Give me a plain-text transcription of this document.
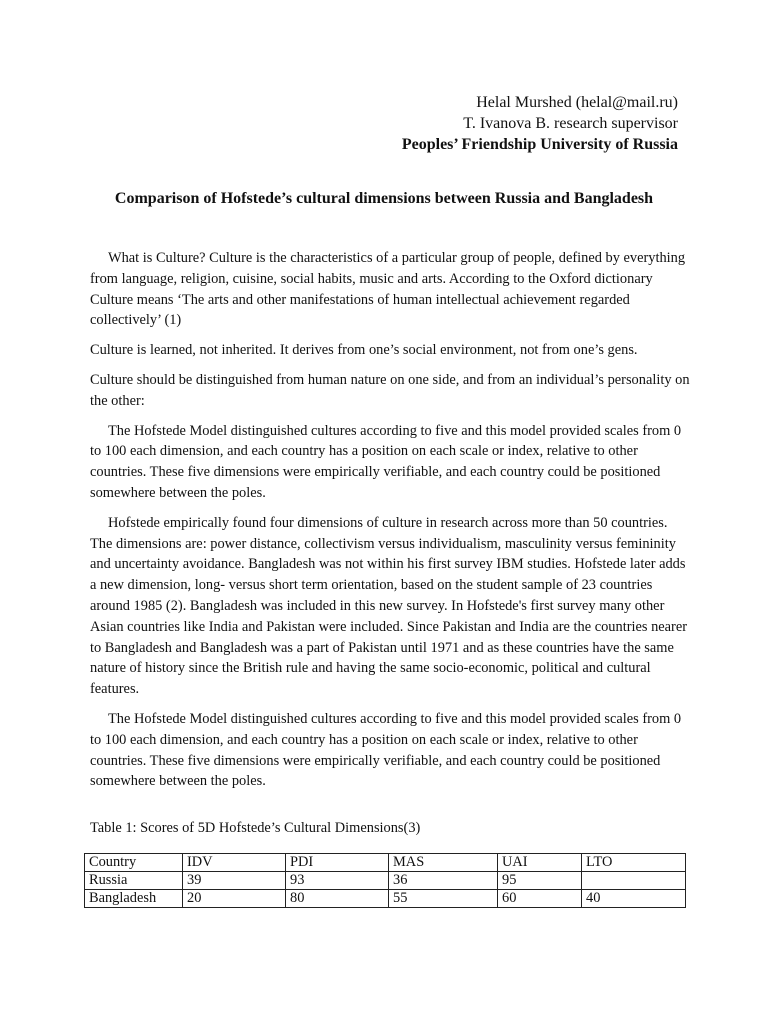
Helal Murshed (helal@mail.ru)
T. Ivanova B. research supervisor
Peoples’ Friendship University of Russia
Comparison of Hofstede’s cultural dimensions between Russia and Bangladesh

What is Culture? Culture is the characteristics of a particular group of people, defined by everything from language, religion, cuisine, social habits, music and arts. According to the Oxford dictionary Culture means ‘The arts and other manifestations of human intellectual achievement regarded collectively’ (1)

Culture is learned, not inherited. It derives from one’s social environment, not from one’s gens.

Culture should be distinguished from human nature on one side, and from an individual’s personality on the other:

The Hofstede Model distinguished cultures according to five and this model provided scales from 0 to 100 each dimension, and each country has a position on each scale or index, relative to other countries. These five dimensions were empirically verifiable, and each country could be positioned somewhere between the poles.

Hofstede empirically found four dimensions of culture in research across more than 50 countries. The dimensions are: power distance, collectivism versus individualism, masculinity versus femininity and uncertainty avoidance. Bangladesh was not within his first survey IBM studies. Hofstede later adds a new dimension, long- versus short term orientation, based on the student sample of 23 countries around 1985 (2). Bangladesh was included in this new survey. In Hofstede's first survey many other Asian countries like India and Pakistan were included. Since Pakistan and India are the countries nearer to Bangladesh and Bangladesh was a part of Pakistan until 1971 and as these countries have the same nature of history since the British rule and having the same socio-economic, political and cultural features.

The Hofstede Model distinguished cultures according to five and this model provided scales from 0 to 100 each dimension, and each country has a position on each scale or index, relative to other countries. These five dimensions were empirically verifiable, and each country could be positioned somewhere between the poles.

Table 1: Scores of 5D Hofstede’s Cultural Dimensions(3)
Country	IDV	PDI	MAS	UAI	LTO
Russia	39	93	36	95	
Bangladesh	20	80	55	60	40
